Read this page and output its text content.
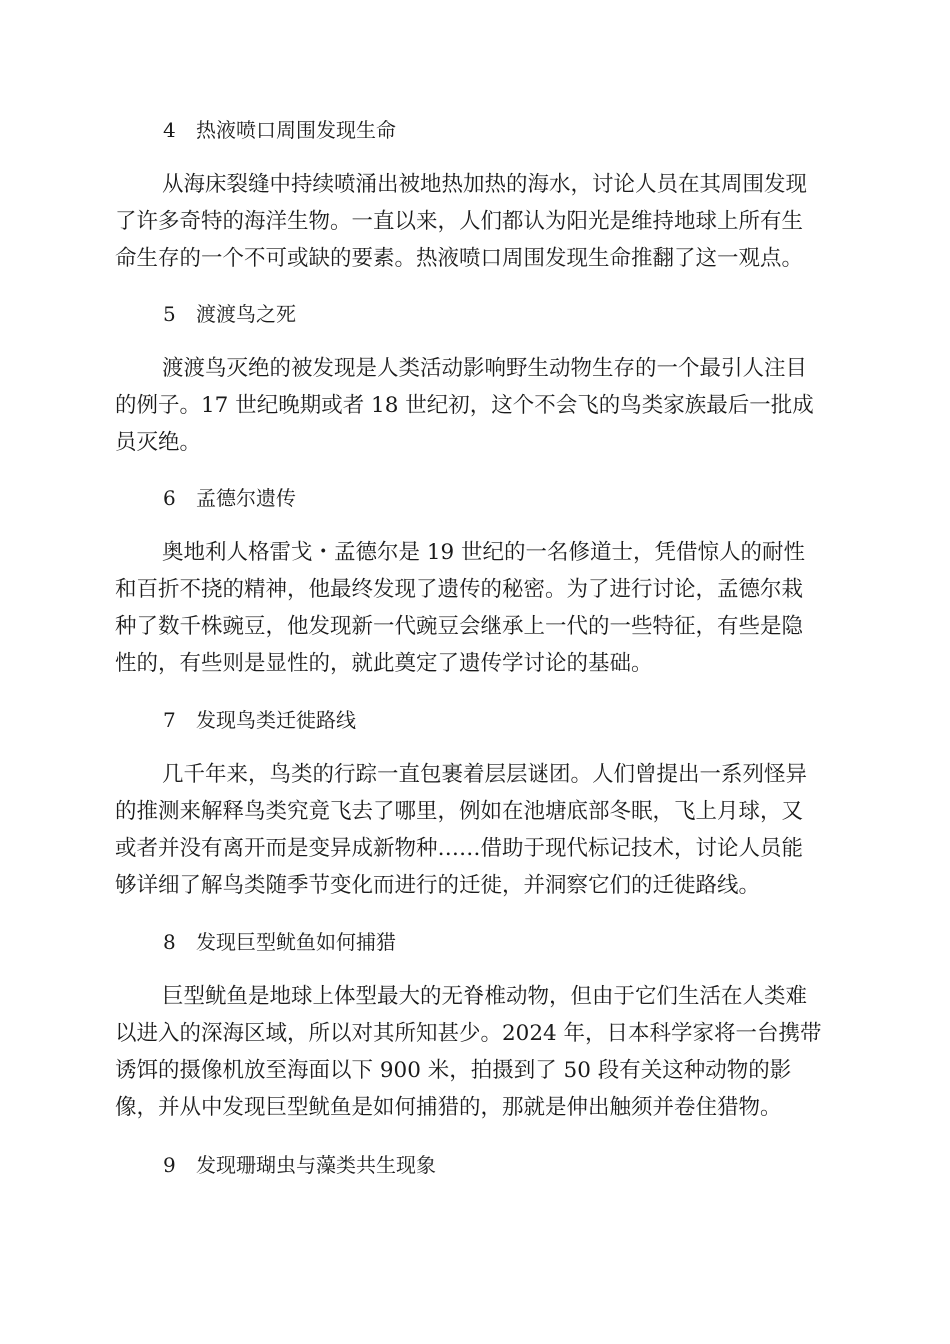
4 热液喷口周围发现生命
从海床裂缝中持续喷涌出被地热加热的海水，讨论人员在其周围发现
了许多奇特的海洋生物。一直以来，人们都认为阳光是维持地球上所有生
命生存的一个不可或缺的要素。热液喷口周围发现生命推翻了这一观点。
5 渡渡鸟之死
渡渡鸟灭绝的被发现是人类活动影响野生动物生存的一个最引人注目
的例子。17 世纪晚期或者 18 世纪初，这个不会飞的鸟类家族最后一批成
员灭绝。
6 孟德尔遗传
奥地利人格雷戈・孟德尔是 19 世纪的一名修道士，凭借惊人的耐性
和百折不挠的精神，他最终发现了遗传的秘密。为了进行讨论，孟德尔栽
种了数千株豌豆，他发现新一代豌豆会继承上一代的一些特征，有些是隐
性的，有些则是显性的，就此奠定了遗传学讨论的基础。
7 发现鸟类迁徙路线
几千年来，鸟类的行踪一直包裹着层层谜团。人们曾提出一系列怪异
的推测来解释鸟类究竟飞去了哪里，例如在池塘底部冬眠，飞上月球，又
或者并没有离开而是变异成新物种……借助于现代标记技术，讨论人员能
够详细了解鸟类随季节变化而进行的迁徙，并洞察它们的迁徙路线。
8 发现巨型鱿鱼如何捕猎
巨型鱿鱼是地球上体型最大的无脊椎动物，但由于它们生活在人类难
以进入的深海区域，所以对其所知甚少。2024 年，日本科学家将一台携带
诱饵的摄像机放至海面以下 900 米，拍摄到了 50 段有关这种动物的影
像，并从中发现巨型鱿鱼是如何捕猎的，那就是伸出触须并卷住猎物。
9 发现珊瑚虫与藻类共生现象
